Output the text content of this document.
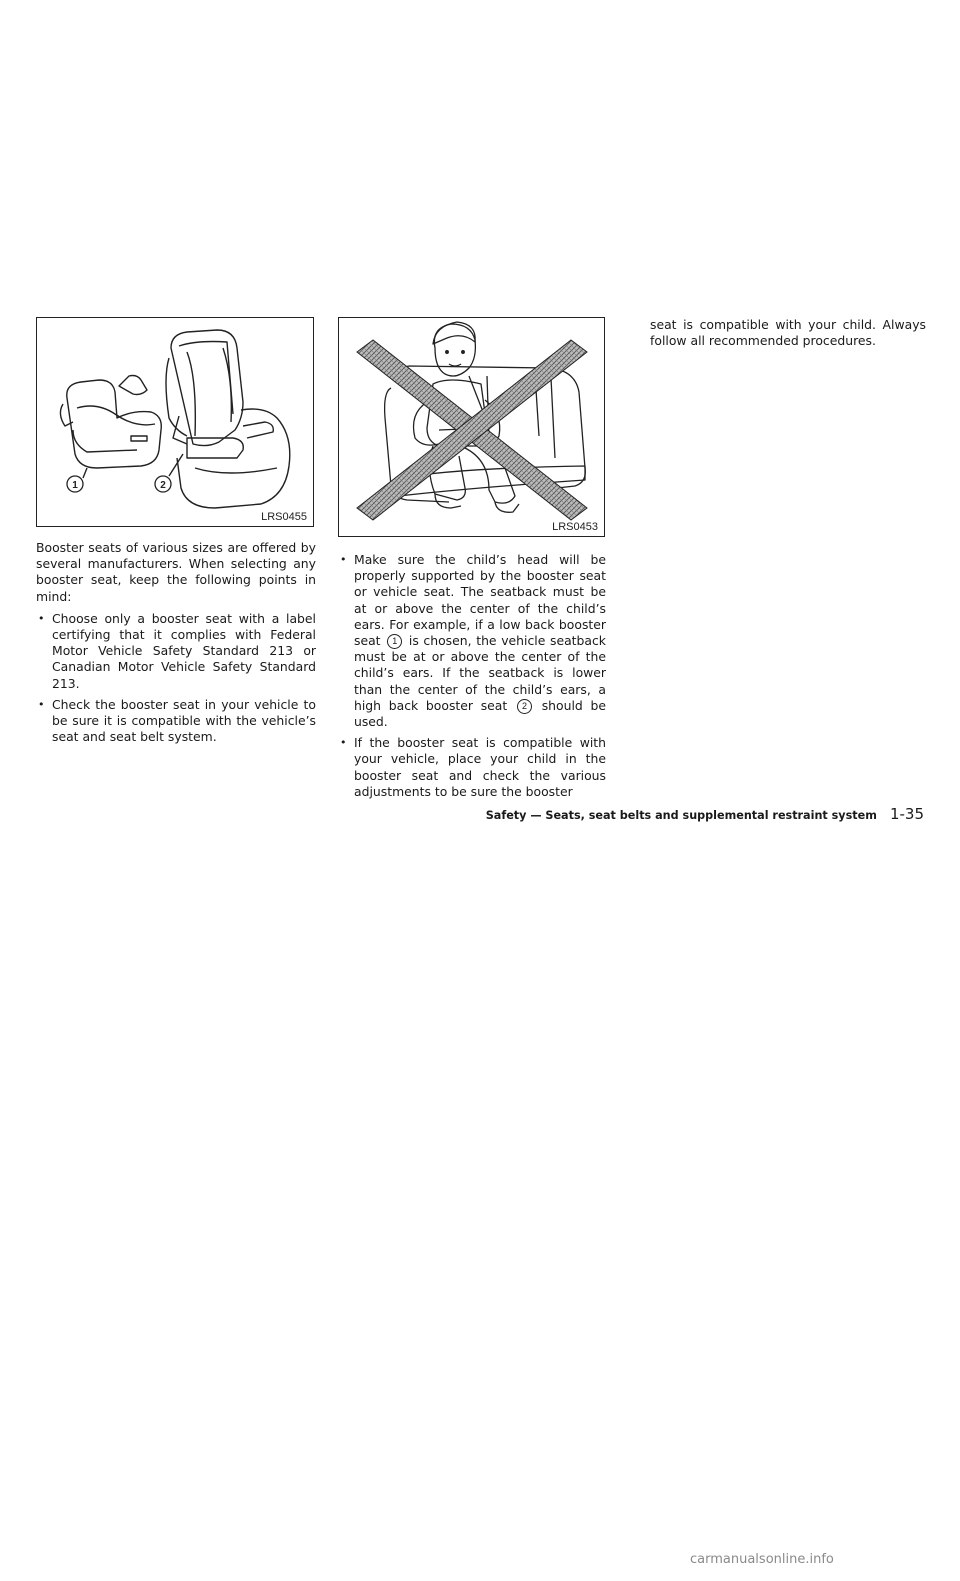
1	2
LRS0455
LRS0453

Booster seats of various sizes are offered by several manufacturers. When selecting any booster seat, keep the following points in mind:

• Choose only a booster seat with a label certifying that it complies with Federal Motor Vehicle Safety Standard 213 or Canadian Motor Vehicle Safety Standard 213.
• Check the booster seat in your vehicle to be sure it is compatible with the vehicle’s seat and seat belt system.
• Make sure the child’s head will be properly supported by the booster seat or vehicle seat. The seatback must be at or above the center of the child’s ears. For example, if a low back booster seat 1 is chosen, the vehicle seatback must be at or above the center of the child’s ears. If the seatback is lower than the center of the child’s ears, a high back booster seat 2 should be used.
• If the booster seat is compatible with your vehicle, place your child in the booster seat and check the various adjustments to be sure the booster

seat is compatible with your child. Always follow all recommended procedures.

Safety — Seats, seat belts and supplemental restraint system 1-35
carmanualsonline.info
